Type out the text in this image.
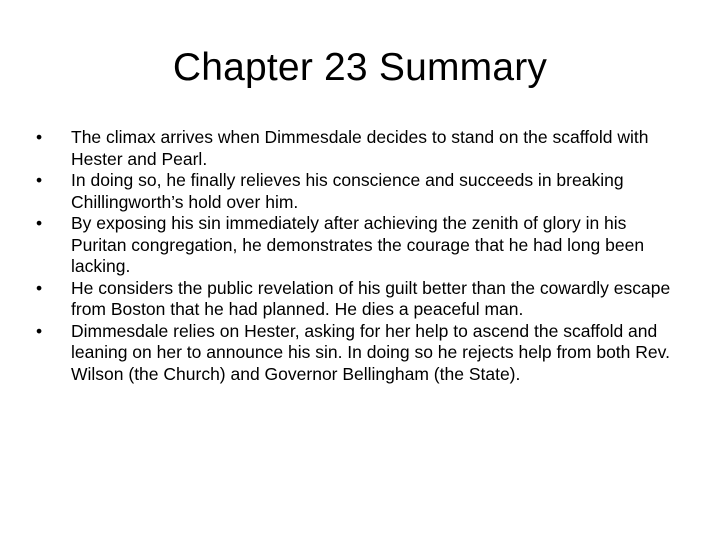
Chapter 23 Summary
•	The climax arrives when Dimmesdale decides to stand on the scaffold with Hester and Pearl.
•	In doing so, he finally relieves his conscience and succeeds in breaking Chillingworth’s hold over him.
•	By exposing his sin immediately after achieving the zenith of glory in his Puritan congregation, he demonstrates the courage that he had long been lacking.
•	He considers the public revelation of his guilt better than the cowardly escape from Boston that he had planned. He dies a peaceful man.
•	Dimmesdale relies on Hester, asking for her help to ascend the scaffold and leaning on her to announce his sin. In doing so he rejects help from both Rev. Wilson (the Church) and Governor Bellingham (the State).
